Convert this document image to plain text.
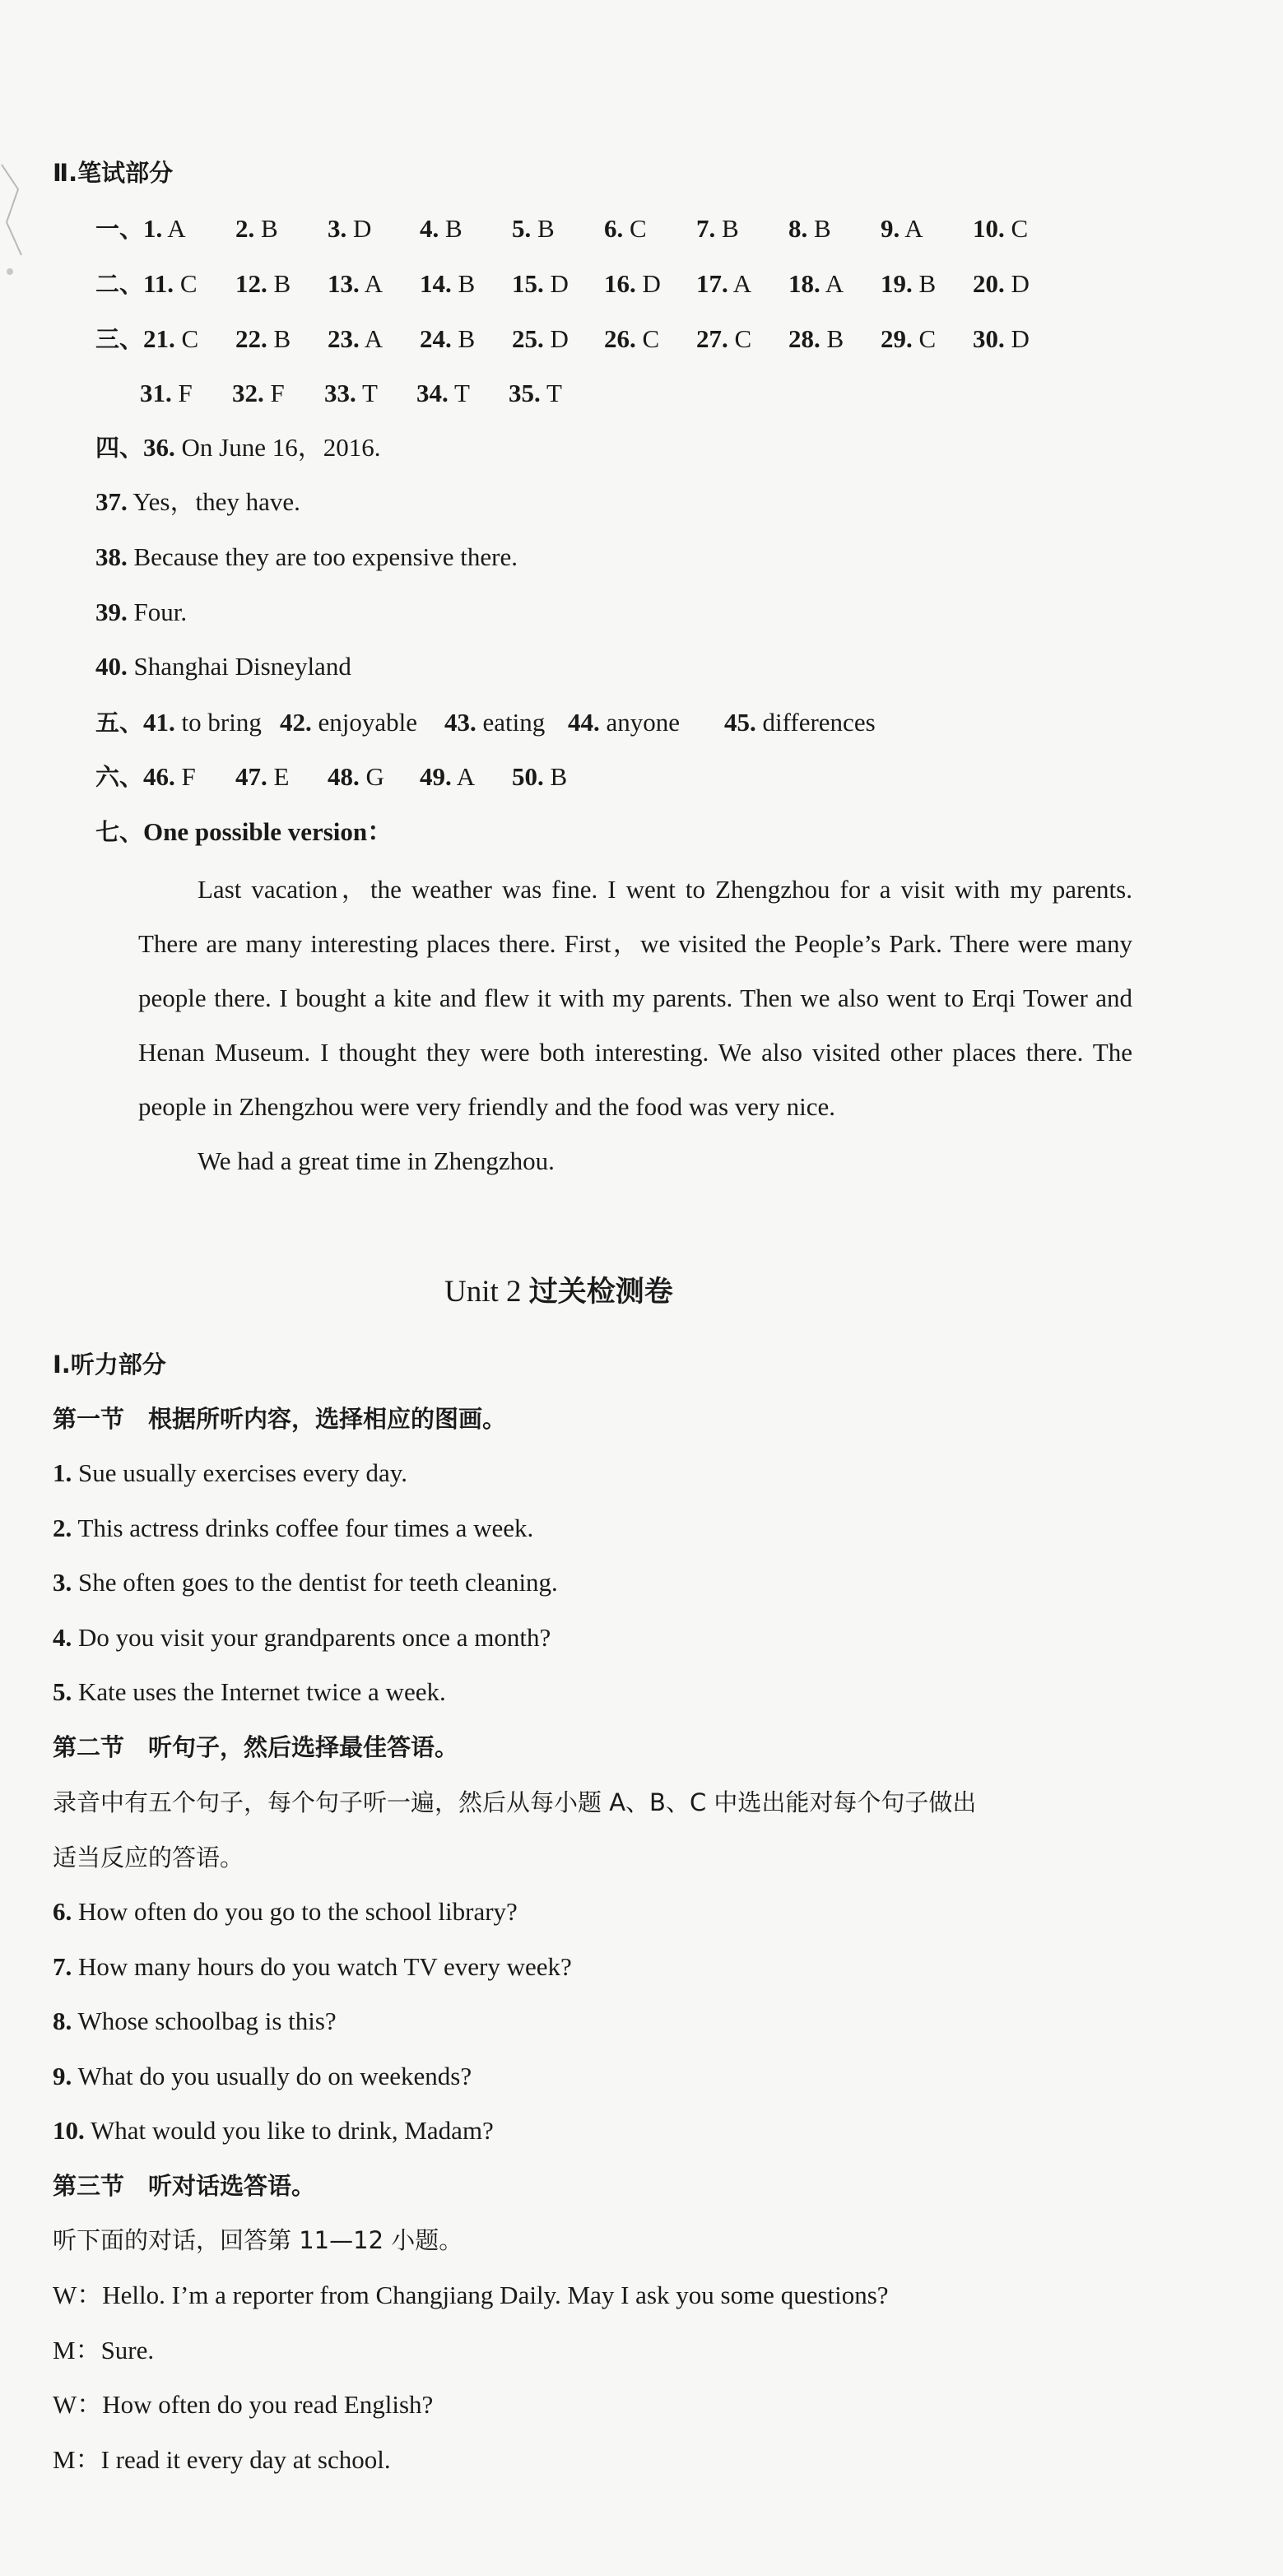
Ⅱ.笔试部分
一、1. A 2. B 3. D 4. B 5. B 6. C 7. B 8. B 9. A 10. C
二、11. C 12. B 13. A 14. B 15. D 16. D 17. A 18. A 19. B 20. D
三、21. C 22. B 23. A 24. B 25. D 26. C 27. C 28. B 29. C 30. D
31. F 32. F 33. T 34. T 35. T
四、36. On June 16，2016.
37. Yes，they have.
38. Because they are too expensive there.
39. Four.
40. Shanghai Disneyland
五、41. to bring 42. enjoyable 43. eating 44. anyone 45. differences
六、46. F 47. E 48. G 49. A 50. B
七、One possible version：

Last vacation，the weather was fine. I went to Zhengzhou for a visit with my parents. There are many interesting places there. First，we visited the People’s Park. There were many people there. I bought a kite and flew it with my parents. Then we also went to Erqi Tower and Henan Museum. I thought they were both interesting. We also visited other places there. The people in Zhengzhou were very friendly and the food was very nice.

We had a great time in Zhengzhou.

Unit 2 过关检测卷
Ⅰ.听力部分
第一节　根据所听内容，选择相应的图画。
1. Sue usually exercises every day.
2. This actress drinks coffee four times a week.
3. She often goes to the dentist for teeth cleaning.
4. Do you visit your grandparents once a month?
5. Kate uses the Internet twice a week.
第二节　听句子，然后选择最佳答语。
录音中有五个句子，每个句子听一遍，然后从每小题 A、B、C 中选出能对每个句子做出
适当反应的答语。
6. How often do you go to the school library?
7. How many hours do you watch TV every week?
8. Whose schoolbag is this?
9. What do you usually do on weekends?
10. What would you like to drink, Madam?
第三节　听对话选答语。
听下面的对话，回答第 11—12 小题。
W：Hello. I’m a reporter from Changjiang Daily. May I ask you some questions?
M：Sure.
W：How often do you read English?
M：I read it every day at school.
